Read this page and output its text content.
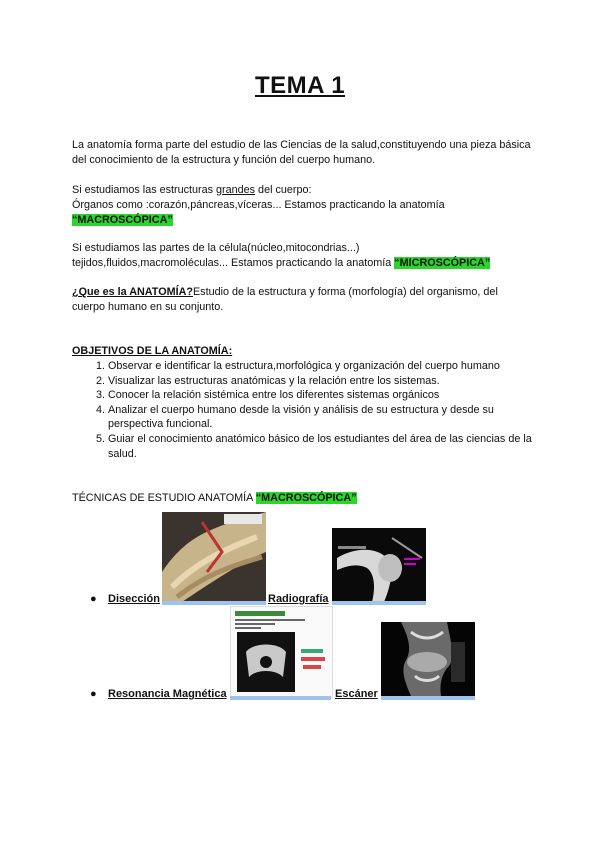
TEMA 1
La anatomía forma parte del estudio de las Ciencias de la salud,constituyendo una pieza básica del conocimiento de la estructura y función del cuerpo humano.
Si estudiamos las estructuras grandes del cuerpo:
Órganos como :corazón,páncreas,víceras... Estamos practicando la anatomía
“MACROSCÓPICA”
Si estudiamos las partes de la célula(núcleo,mitocondrias...)
tejidos,fluidos,macromoléculas... Estamos practicando la anatomía “MICROSCÓPICA”
¿Que es la ANATOMÍA?Estudio de la estructura y forma (morfología) del organismo, del cuerpo humano en su conjunto.
OBJETIVOS DE LA ANATOMÍA:
1. Observar e identificar la estructura,morfológica y organización del cuerpo humano
2. Visualizar las estructuras anatómicas y la relación entre los sistemas.
3. Conocer la relación sistémica entre los diferentes sistemas orgánicos
4. Analizar el cuerpo humano desde la visión y análisis de su estructura y desde su perspectiva funcional.
5. Guiar el conocimiento anatómico básico de los estudiantes del área de las ciencias de la salud.
TÉCNICAS DE ESTUDIO ANATOMÍA “MACROSCÓPICA”
● Disección	Radiografía
● Resonancia Magnética	Escáner
